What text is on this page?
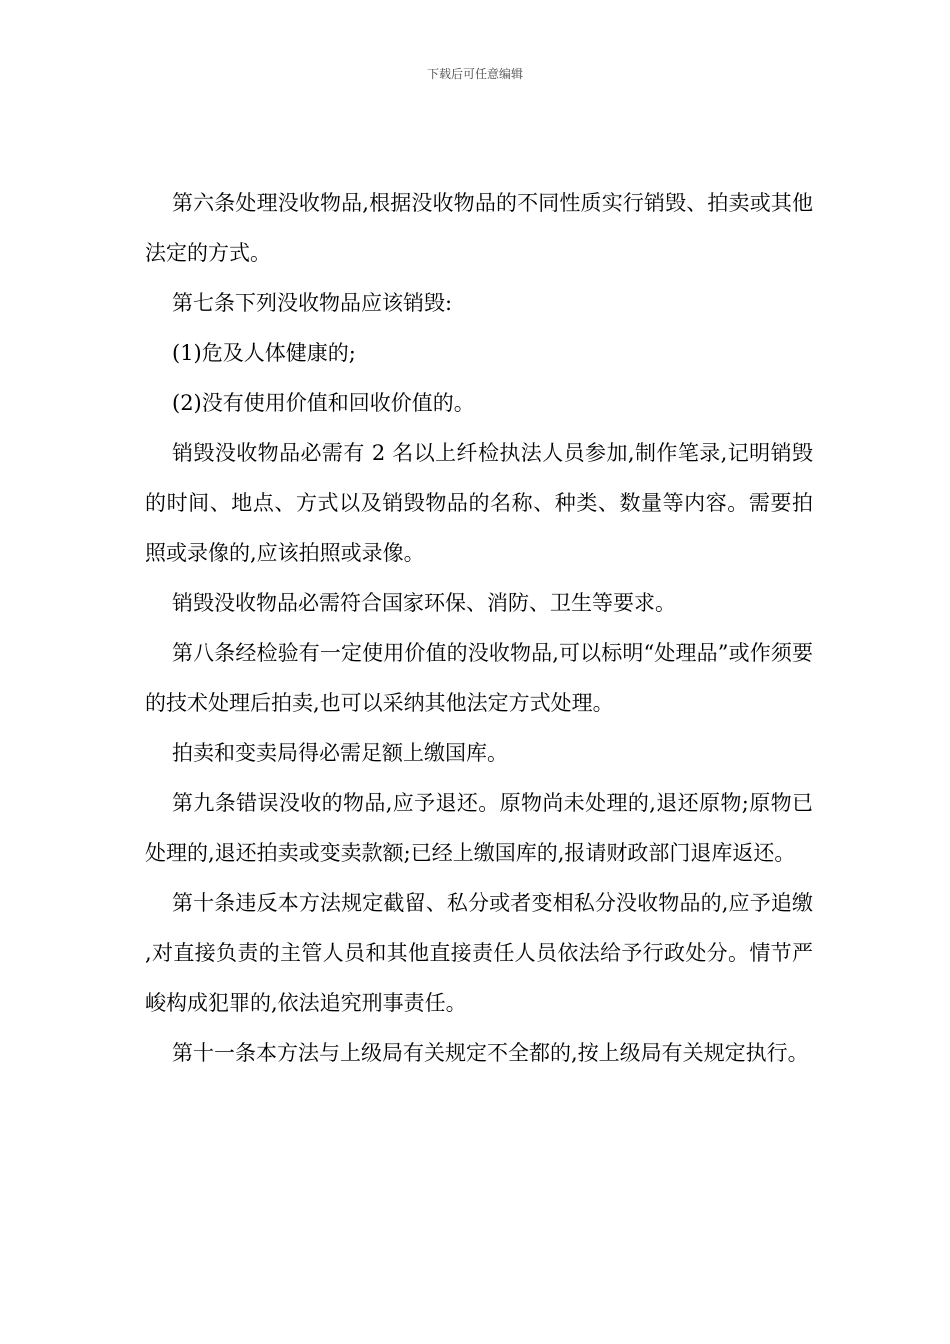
下载后可任意编辑

第六条处理没收物品,根据没收物品的不同性质实行销毁、拍卖或其他法定的方式。

第七条下列没收物品应该销毁:

(1)危及人体健康的;

(2)没有使用价值和回收价值的。

销毁没收物品必需有 2 名以上纤检执法人员参加,制作笔录,记明销毁的时间、地点、方式以及销毁物品的名称、种类、数量等内容。需要拍照或录像的,应该拍照或录像。

销毁没收物品必需符合国家环保、消防、卫生等要求。

第八条经检验有一定使用价值的没收物品,可以标明“处理品”或作须要的技术处理后拍卖,也可以采纳其他法定方式处理。

拍卖和变卖局得必需足额上缴国库。

第九条错误没收的物品,应予退还。原物尚未处理的,退还原物;原物已处理的,退还拍卖或变卖款额;已经上缴国库的,报请财政部门退库返还。

第十条违反本方法规定截留、私分或者变相私分没收物品的,应予追缴,对直接负责的主管人员和其他直接责任人员依法给予行政处分。情节严峻构成犯罪的,依法追究刑事责任。

第十一条本方法与上级局有关规定不全都的,按上级局有关规定执行。
